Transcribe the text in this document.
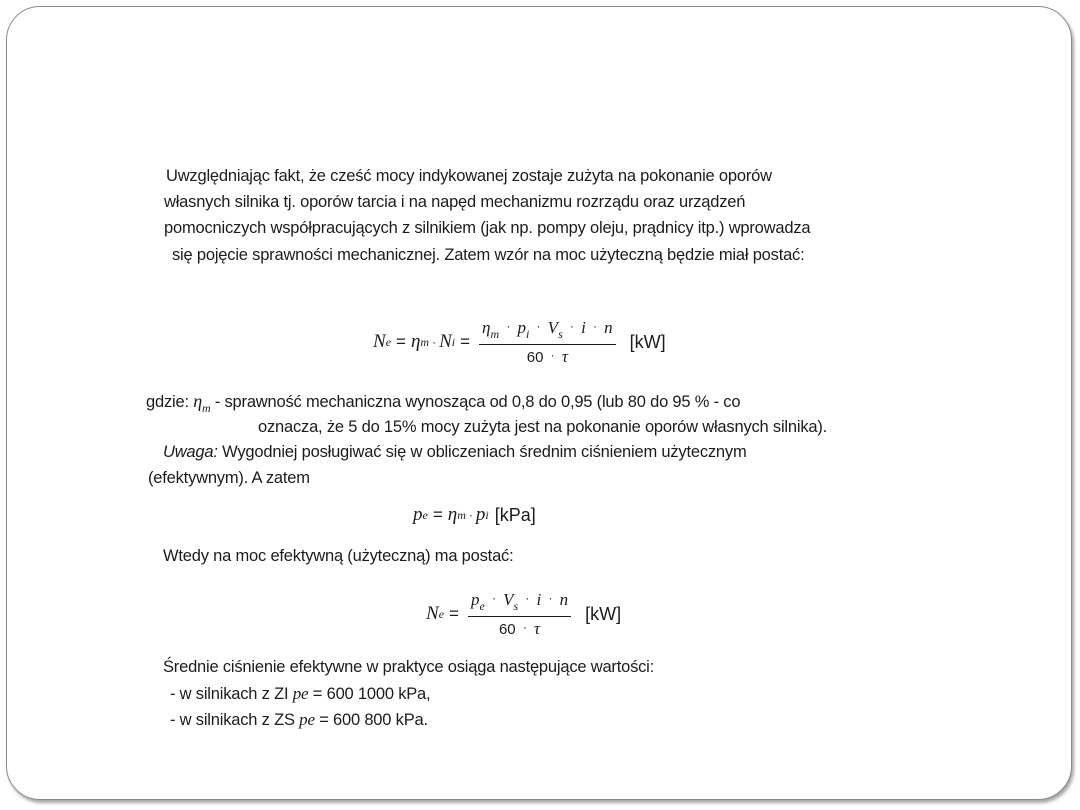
Uwzględniając fakt, że cześć mocy indykowanej zostaje zużyta na pokonanie oporów
własnych silnika tj. oporów tarcia i na napęd mechanizmu rozrządu oraz urządzeń
pomocniczych współpracujących z silnikiem (jak np. pompy oleju, prądnicy itp.) wprowadza
się pojęcie sprawności mechanicznej. Zatem wzór na moc użyteczną będzie miał postać:
N e = η m · N i =
$\eta_m$ · $p_i$ · $V_s$ · i · n
60 · τ
[kW]
gdzie: $\eta_m$ - sprawność mechaniczna wynosząca od 0,8 do 0,95 (lub 80 do 95 % - co
oznacza, że 5 do 15% mocy zużyta jest na pokonanie oporów własnych silnika).
Uwaga: Wygodniej posługiwać się w obliczeniach średnim ciśnieniem użytecznym
(efektywnym). A zatem
p e = η m · p i [kPa]
Wtedy na moc efektywną (użyteczną) ma postać:
N $e = \frac{p_e ^\cdot V_s ^\cdot i ^\cdot n}{60 ^\cdot \tau} [kW]$
Średnie ciśnienie efektywne w praktyce osiąga następujące wartości:
- w silnikach z ZI pe = 600 1000 kPa,
- w silnikach z ZS pe = 600 800 kPa.
